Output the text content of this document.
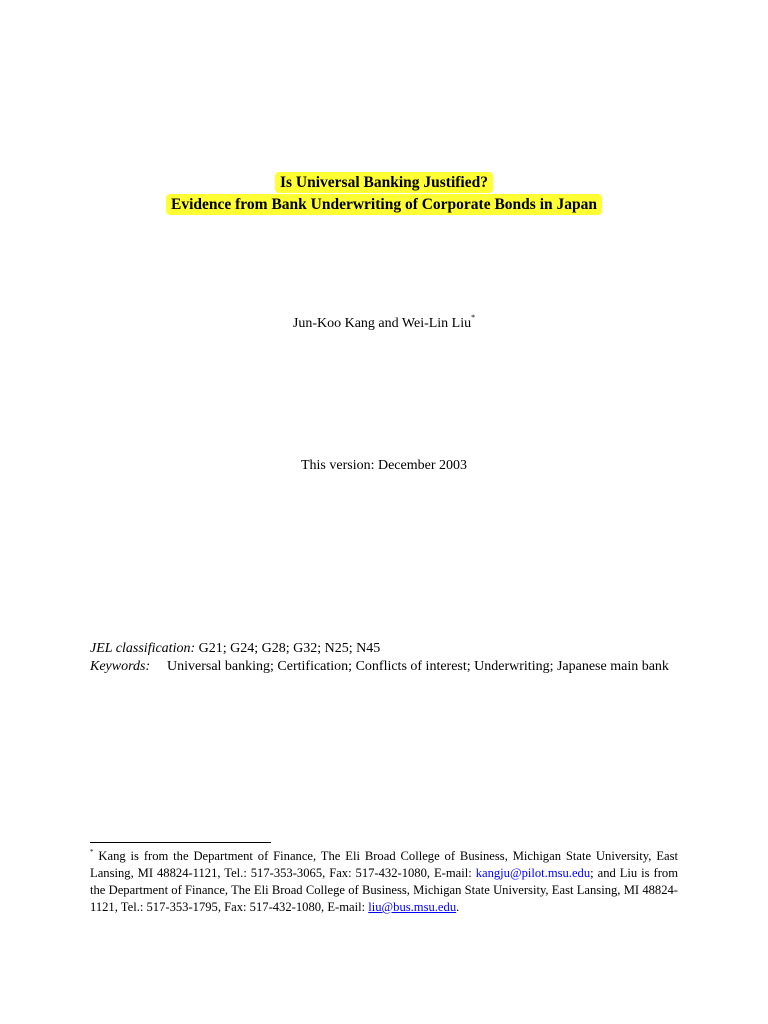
Is Universal Banking Justified?
Evidence from Bank Underwriting of Corporate Bonds in Japan
Jun-Koo Kang and Wei-Lin Liu*
This version: December 2003
JEL classification: G21; G24; G28; G32; N25; N45
Keywords:	Universal banking; Certification; Conflicts of interest; Underwriting; Japanese main bank
* Kang is from the Department of Finance, The Eli Broad College of Business, Michigan State University, East Lansing, MI 48824-1121, Tel.: 517-353-3065, Fax: 517-432-1080, E-mail: kangju@pilot.msu.edu; and Liu is from the Department of Finance, The Eli Broad College of Business, Michigan State University, East Lansing, MI 48824-1121, Tel.: 517-353-1795, Fax: 517-432-1080, E-mail: liu@bus.msu.edu.
